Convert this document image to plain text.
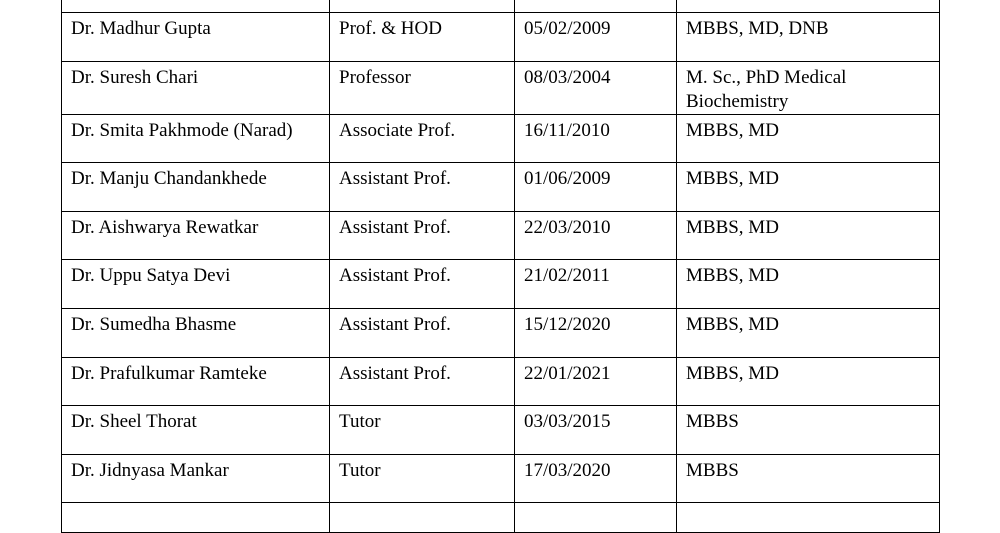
Dr. Madhur Gupta	Prof. & HOD	05/02/2009	MBBS, MD, DNB
Dr. Suresh Chari	Professor	08/03/2004	M. Sc., PhD Medical Biochemistry
Dr. Smita Pakhmode (Narad)	Associate Prof.	16/11/2010	MBBS, MD
Dr. Manju Chandankhede	Assistant Prof.	01/06/2009	MBBS, MD
Dr. Aishwarya Rewatkar	Assistant Prof.	22/03/2010	MBBS, MD
Dr. Uppu Satya Devi	Assistant Prof.	21/02/2011	MBBS, MD
Dr. Sumedha Bhasme	Assistant Prof.	15/12/2020	MBBS, MD
Dr. Prafulkumar Ramteke	Assistant Prof.	22/01/2021	MBBS, MD
Dr. Sheel Thorat	Tutor	03/03/2015	MBBS
Dr. Jidnyasa Mankar	Tutor	17/03/2020	MBBS
